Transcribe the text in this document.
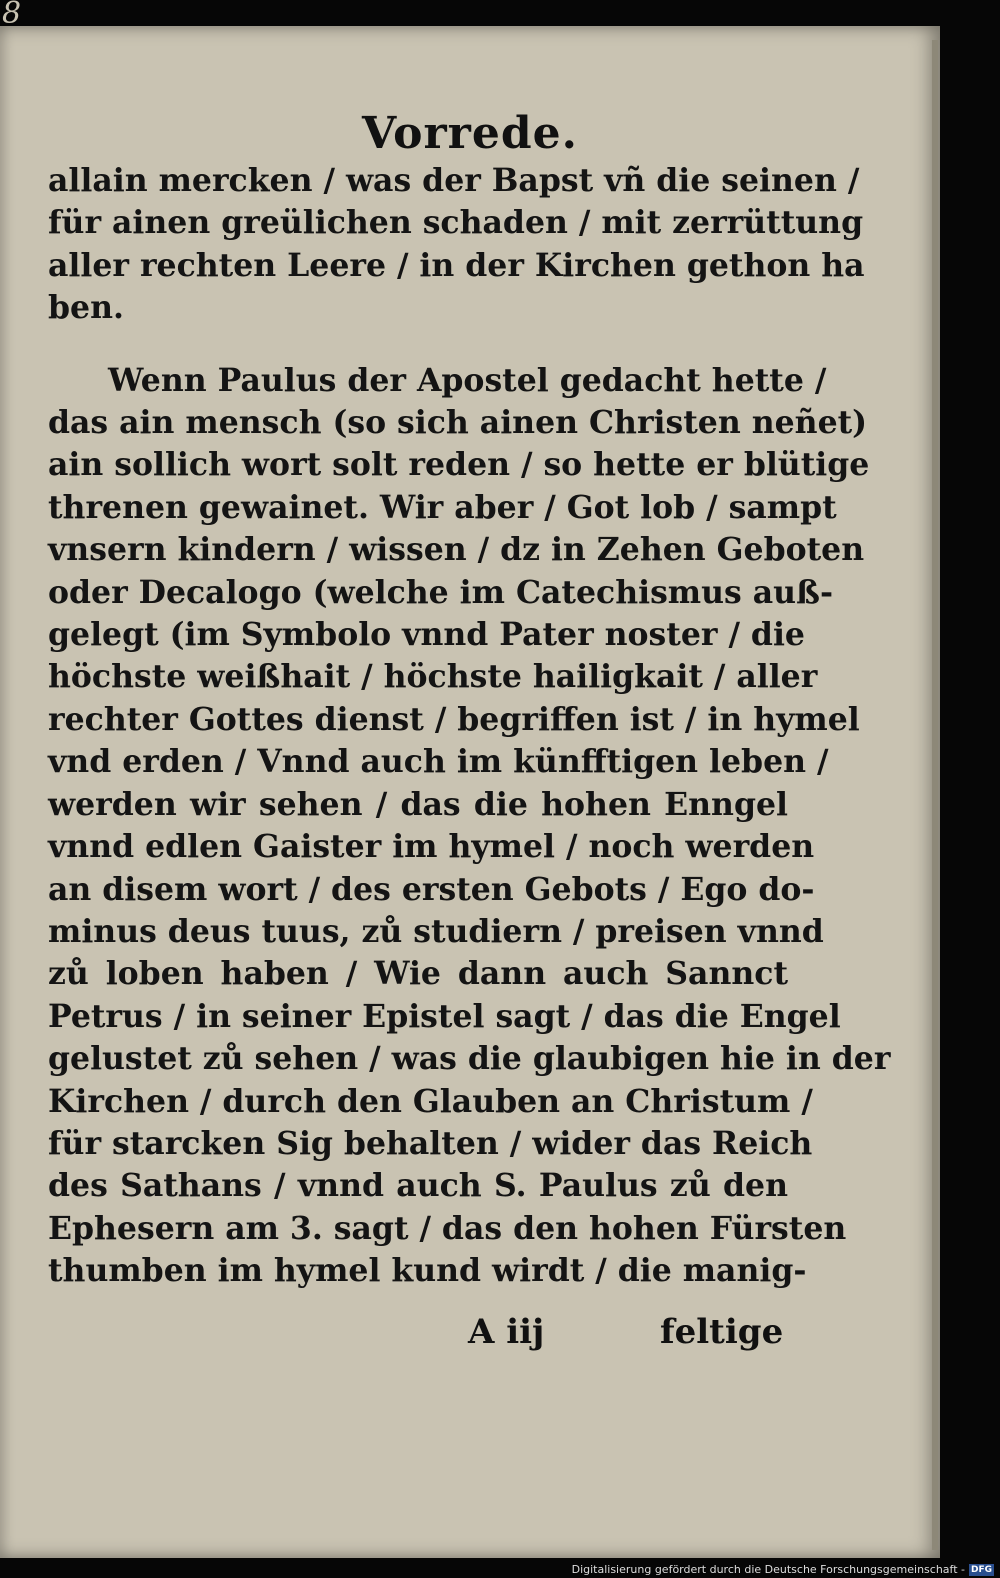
8
Vorrede.
allain mercken / was der Bapst vñ die seinen /
für ainen greülichen schaden / mit zerrüttung
aller rechten Leere / in der Kirchen gethon ha
ben.
Wenn Paulus der Apostel gedacht hette /
das ain mensch (so sich ainen Christen neñet)
ain sollich wort solt reden / so hette er blütige
threnen gewainet. Wir aber / Got lob / sampt
vnsern kindern / wissen / dz in Zehen Geboten
oder Decalogo (welche im Catechismus auß-
gelegt (im Symbolo vnnd Pater noster / die
höchste weißhait / höchste hailigkait / aller
rechter Gottes dienst / begriffen ist / in hymel
vnd erden / Vnnd auch im künfftigen leben /
werden wir sehen / das die hohen Enngel
vnnd edlen Gaister im hymel / noch werden
an disem wort / des ersten Gebots / Ego do-
minus deus tuus, zů studiern / preisen vnnd
zů loben haben / Wie dann auch Sannct
Petrus / in seiner Epistel sagt / das die Engel
gelustet zů sehen / was die glaubigen hie in der
Kirchen / durch den Glauben an Christum /
für starcken Sig behalten / wider das Reich
des Sathans / vnnd auch S. Paulus zů den
Ephesern am 3. sagt / das den hohen Fürsten
thumben im hymel kund wirdt / die manig-
A iij	feltige
Digitalisierung gefördert durch die Deutsche Forschungsgemeinschaft - DFG
